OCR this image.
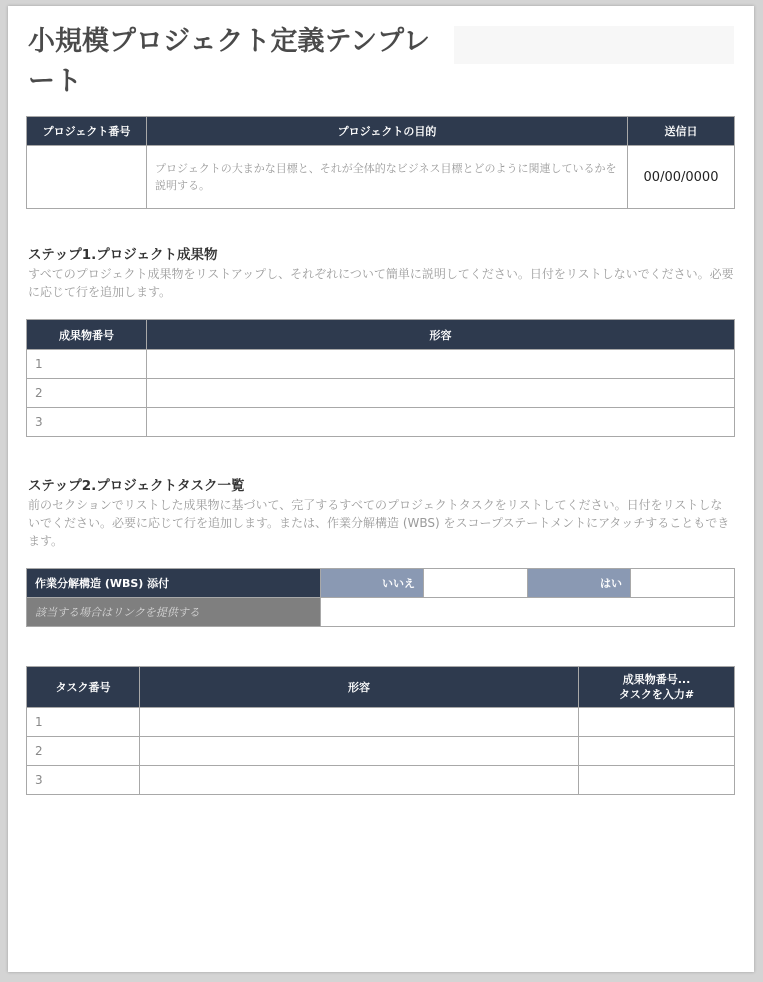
小規模プロジェクト定義テンプレート
プロジェクト番号	プロジェクトの目的	送信日
	プロジェクトの大まかな目標と、それが全体的なビジネス目標とどのように関連しているかを説明する。	00/00/0000
ステップ1.プロジェクト成果物
すべてのプロジェクト成果物をリストアップし、それぞれについて簡単に説明してください。日付をリストしないでください。必要に応じて行を追加します。
成果物番号	形容
1	
2	
3	
ステップ2.プロジェクトタスク一覧
前のセクションでリストした成果物に基づいて、完了するすべてのプロジェクトタスクをリストしてください。日付をリストしないでください。必要に応じて行を追加します。または、作業分解構造 (WBS) をスコープステートメントにアタッチすることもできます。
作業分解構造 (WBS) 添付	いいえ		はい	
該当する場合はリンクを提供する				
タスク番号	形容	成果物番号...
タスクを入力#
1		
2		
3		
